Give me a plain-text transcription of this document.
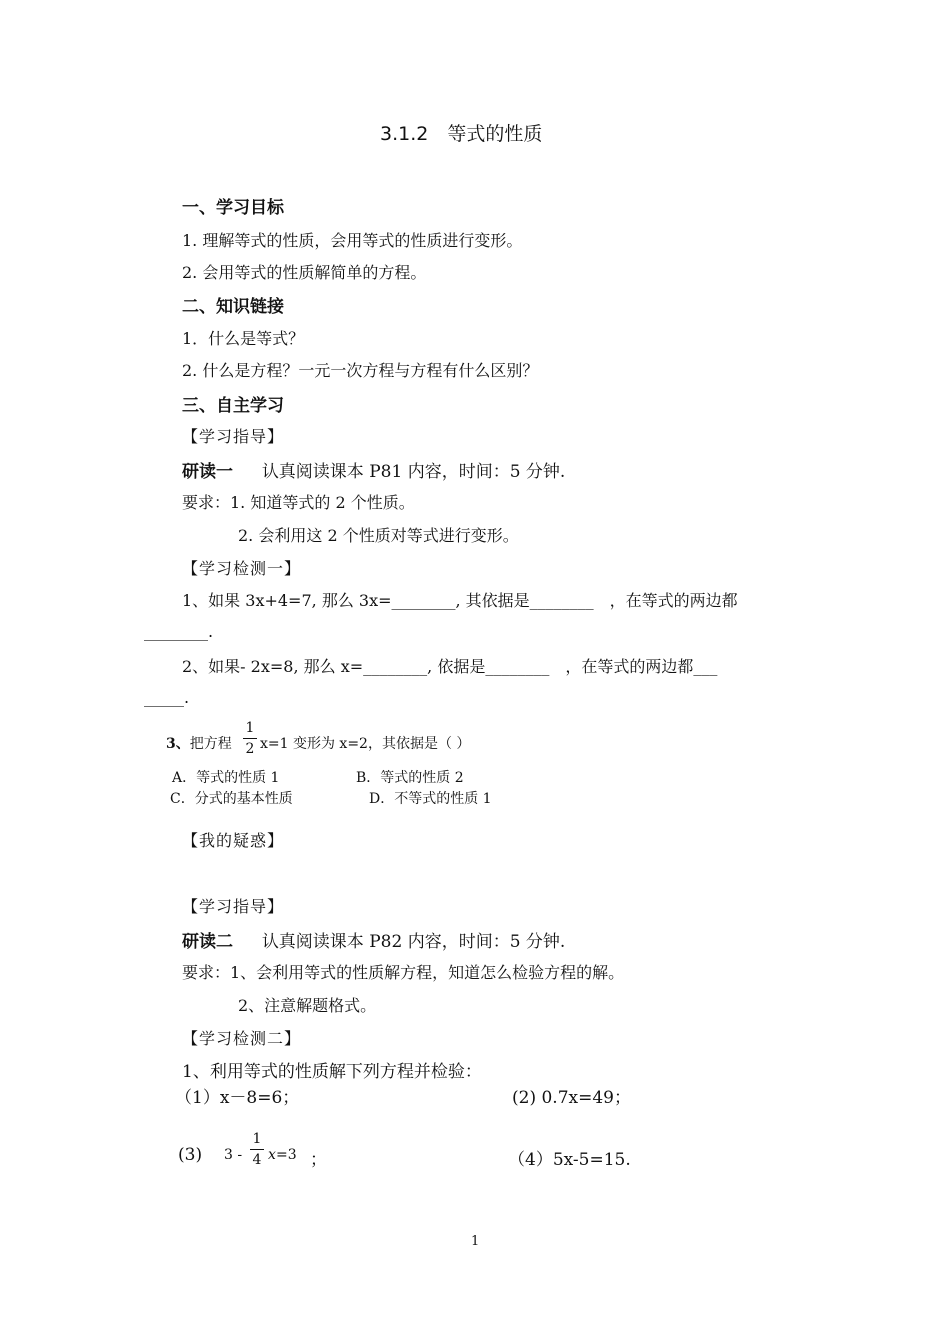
3.1.2　等式的性质
一、学习目标
1. 理解等式的性质，会用等式的性质进行变形。
2. 会用等式的性质解简单的方程。
二、知识链接
1．什么是等式？
2. 什么是方程？一元一次方程与方程有什么区别？
三、自主学习
【学习指导】
研读一 认真阅读课本 P81 内容，时间：5 分钟.
要求：1. 知道等式的 2 个性质。
2. 会利用这 2 个性质对等式进行变形。
【学习检测一】
1、如果 3x+4=7, 那么 3x=________, 其依据是________　，在等式的两边都
________.
2、如果- 2x=8, 那么 x=________, 依据是________　，在等式的两边都___
_____.
3、把方程
1
2 x=1 变形为 x=2，其依据是（ ）
A．等式的性质 1	B．等式的性质 2
C．分式的基本性质	D．不等式的性质 1
【我的疑惑】
【学习指导】
研读二 认真阅读课本 P82 内容，时间：5 分钟.
要求：1、会利用等式的性质解方程，知道怎么检验方程的解。
2、注意解题格式。
【学习检测二】
1、利用等式的性质解下列方程并检验：
（1）x－8=6；	(2) 0.7x=49；
(3) 3 -
1
4 x =3 ；	（4）5x-5=15.
1
